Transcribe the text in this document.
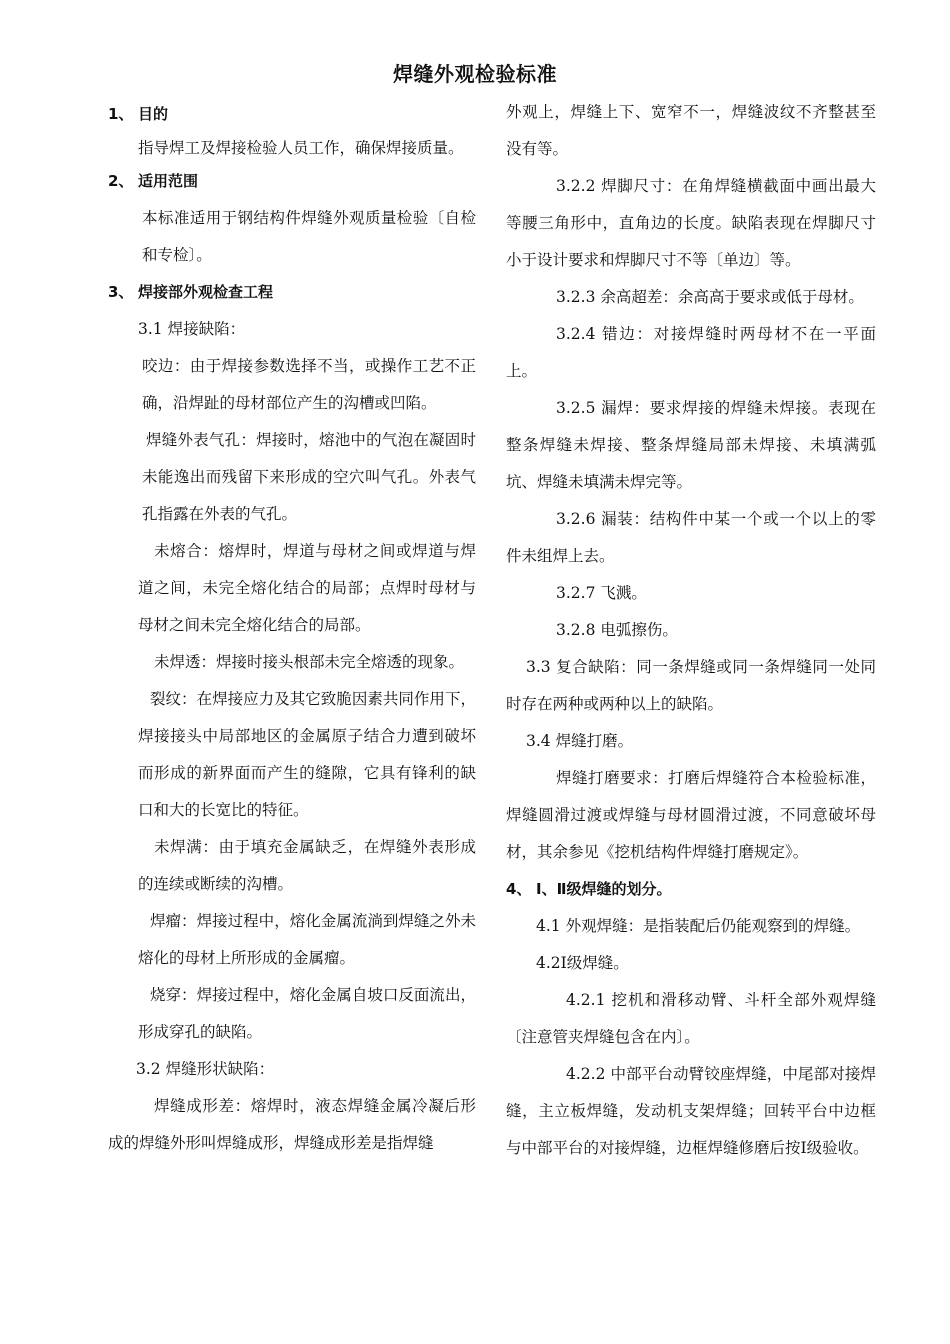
焊缝外观检验标准

1、 目的

指导焊工及焊接检验人员工作，确保焊接质量。

2、 适用范围

本标准适用于钢结构件焊缝外观质量检验〔自检和专检〕。

3、 焊接部外观检查工程

3.1 焊接缺陷：

咬边：由于焊接参数选择不当，或操作工艺不正确，沿焊趾的母材部位产生的沟槽或凹陷。

焊缝外表气孔：焊接时，熔池中的气泡在凝固时未能逸出而残留下来形成的空穴叫气孔。外表气孔指露在外表的气孔。

未熔合：熔焊时，焊道与母材之间或焊道与焊道之间，未完全熔化结合的局部；点焊时母材与母材之间未完全熔化结合的局部。

未焊透：焊接时接头根部未完全熔透的现象。

裂纹：在焊接应力及其它致脆因素共同作用下，焊接接头中局部地区的金属原子结合力遭到破坏而形成的新界面而产生的缝隙，它具有锋利的缺口和大的长宽比的特征。

未焊满：由于填充金属缺乏，在焊缝外表形成的连续或断续的沟槽。

焊瘤：焊接过程中，熔化金属流淌到焊缝之外未熔化的母材上所形成的金属瘤。

烧穿：焊接过程中，熔化金属自坡口反面流出，形成穿孔的缺陷。

3.2 焊缝形状缺陷：

焊缝成形差：熔焊时，液态焊缝金属冷凝后形成的焊缝外形叫焊缝成形，焊缝成形差是指焊缝

外观上，焊缝上下、宽窄不一，焊缝波纹不齐整甚至没有等。

3.2.2 焊脚尺寸：在角焊缝横截面中画出最大等腰三角形中，直角边的长度。缺陷表现在焊脚尺寸小于设计要求和焊脚尺寸不等〔单边〕等。

3.2.3 余高超差：余高高于要求或低于母材。

3.2.4 错边：对接焊缝时两母材不在一平面上。

3.2.5 漏焊：要求焊接的焊缝未焊接。表现在整条焊缝未焊接、整条焊缝局部未焊接、未填满弧坑、焊缝未填满未焊完等。

3.2.6 漏装：结构件中某一个或一个以上的零件未组焊上去。

3.2.7 飞溅。

3.2.8 电弧擦伤。

3.3 复合缺陷：同一条焊缝或同一条焊缝同一处同时存在两种或两种以上的缺陷。

3.4 焊缝打磨。

焊缝打磨要求：打磨后焊缝符合本检验标准，焊缝圆滑过渡或焊缝与母材圆滑过渡，不同意破坏母材，其余参见《挖机结构件焊缝打磨规定》。

4、 Ⅰ、Ⅱ级焊缝的划分。

4.1 外观焊缝：是指装配后仍能观察到的焊缝。

4.2Ⅰ级焊缝。

4.2.1 挖机和滑移动臂、斗杆全部外观焊缝〔注意管夹焊缝包含在内〕。

4.2.2 中部平台动臂铰座焊缝，中尾部对接焊缝，主立板焊缝，发动机支架焊缝；回转平台中边框与中部平台的对接焊缝，边框焊缝修磨后按Ⅰ级验收。
